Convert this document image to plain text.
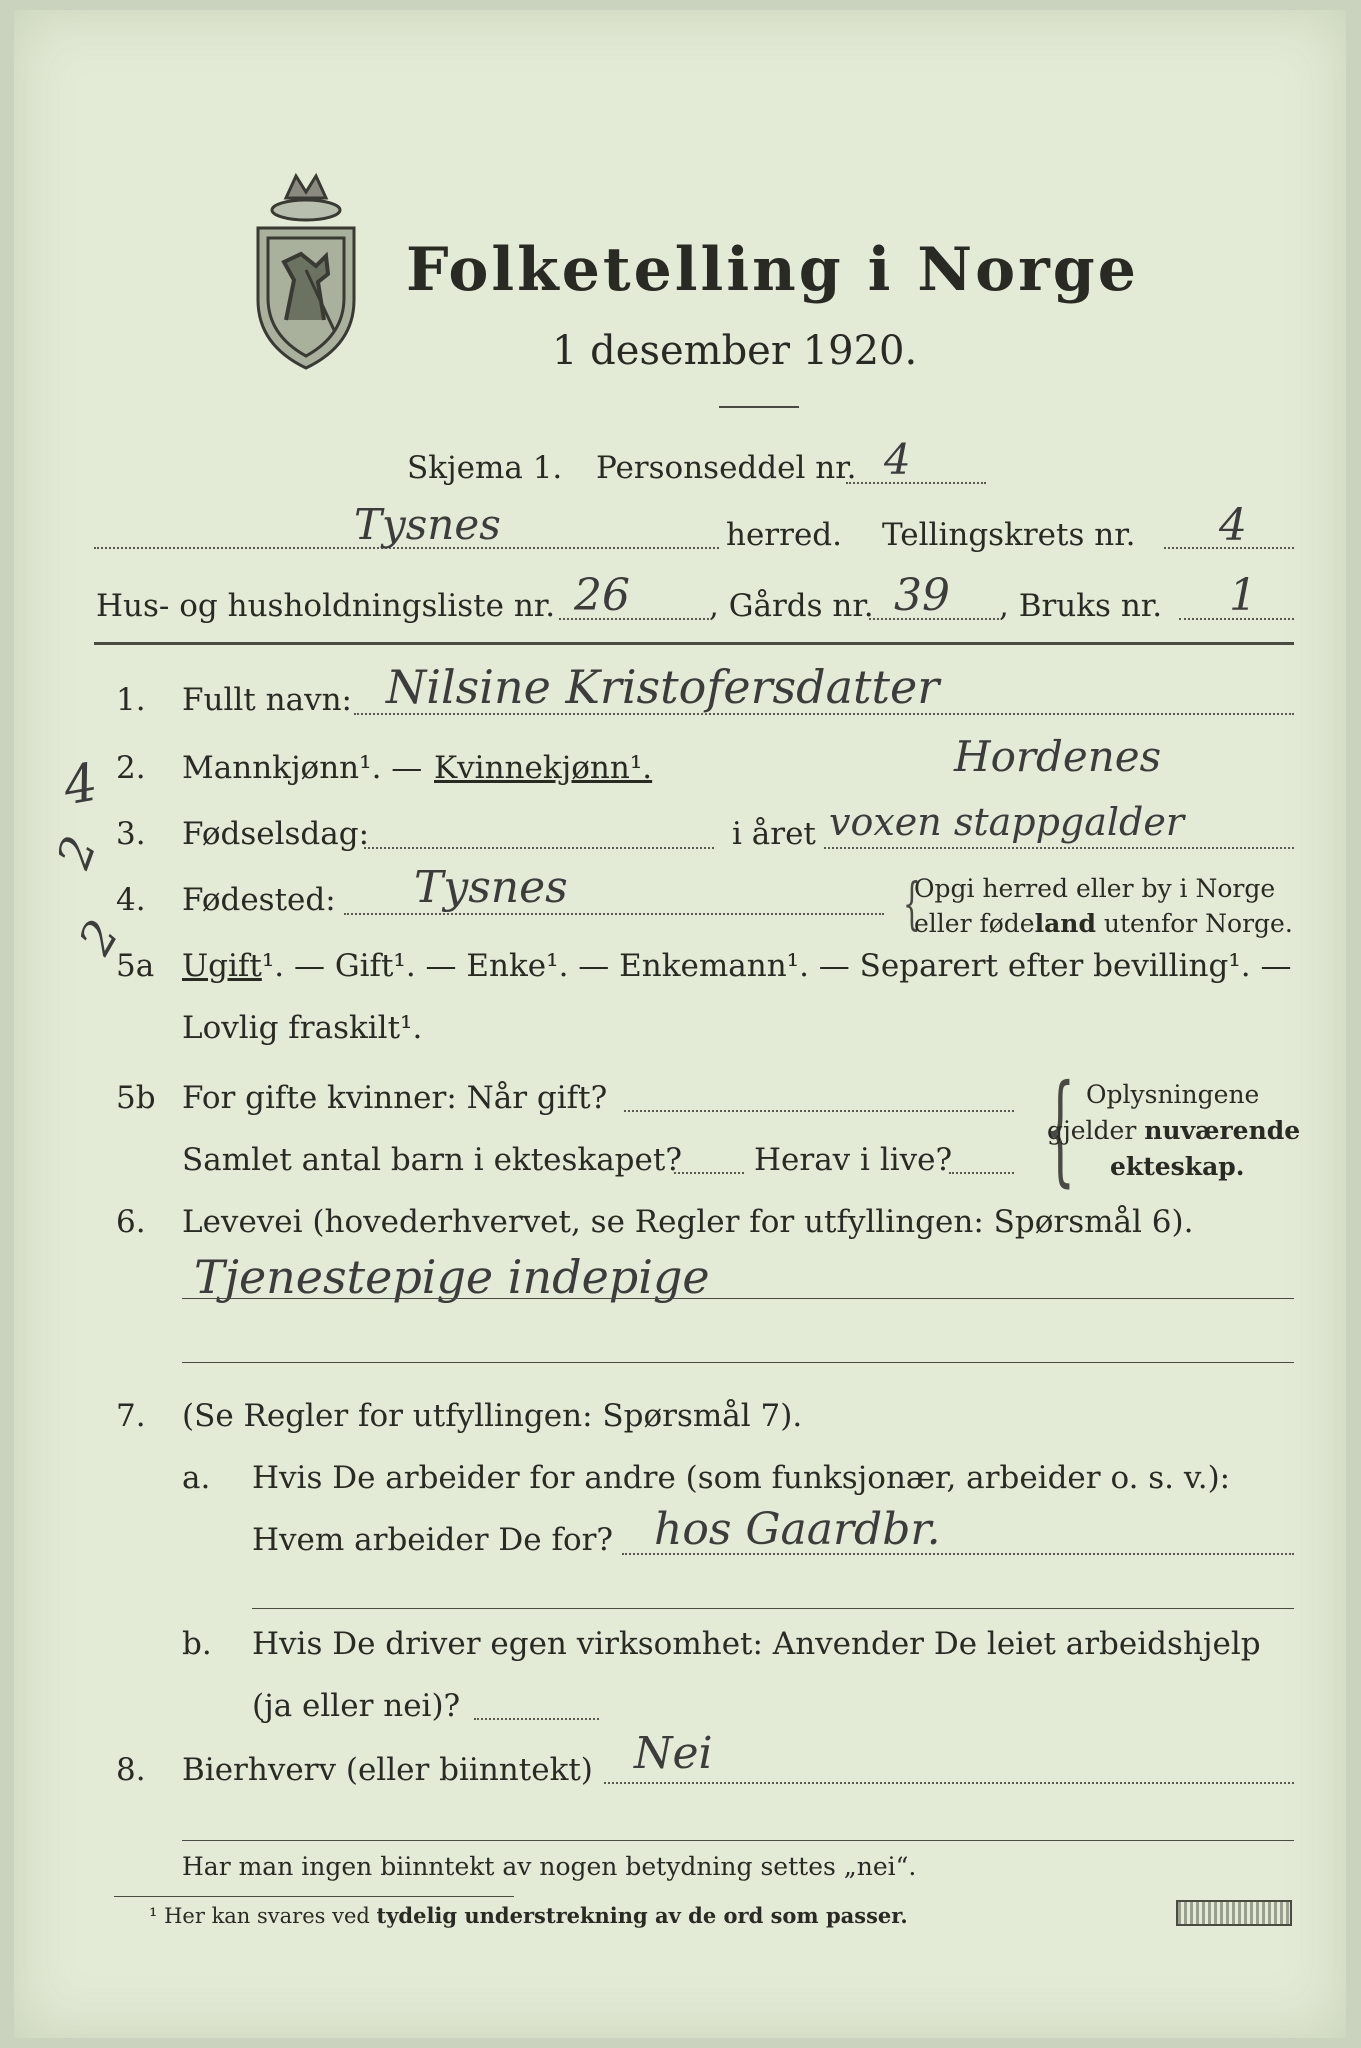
Folketelling i Norge
1 desember 1920.
Skjema 1. Personseddel nr. 4
Tysnes	herred. Tellingskrets nr. 4
Hus- og husholdningsliste nr. 26	, Gårds nr. 39 , Bruks nr. 1
4
2
2
1. Fullt navn: Nilsine Kristofersdatter
2. Mannkjønn¹. — Kvinnekjønn¹.	Hordenes
3. Fødselsdag:	i året voxen stappgalder
4. Fødested: Tysnes	{
Opgi herred eller by i Norge
eller fødeland utenfor Norge.
5a Ugift¹. — Gift¹. — Enke¹. — Enkemann¹. — Separert efter bevilling¹. —
Lovlig fraskilt¹.
5b For gifte kvinner: Når gift?
Samlet antal barn i ekteskapet? Herav i live? { Oplysningene
gjelder nuværende
ekteskap.
6. Levevei (hovederhvervet, se Regler for utfyllingen: Spørsmål 6).
Tjenestepige indepige
7. (Se Regler for utfyllingen: Spørsmål 7).
a. Hvis De arbeider for andre (som funksjonær, arbeider o. s. v.):
Hvem arbeider De for? hos Gaardbr.
b. Hvis De driver egen virksomhet: Anvender De leiet arbeidshjelp
(ja eller nei)?
8. Bierhverv (eller biinntekt) Nei
Har man ingen biinntekt av nogen betydning settes „nei“.
¹ Her kan svares ved tydelig understrekning av de ord som passer.
